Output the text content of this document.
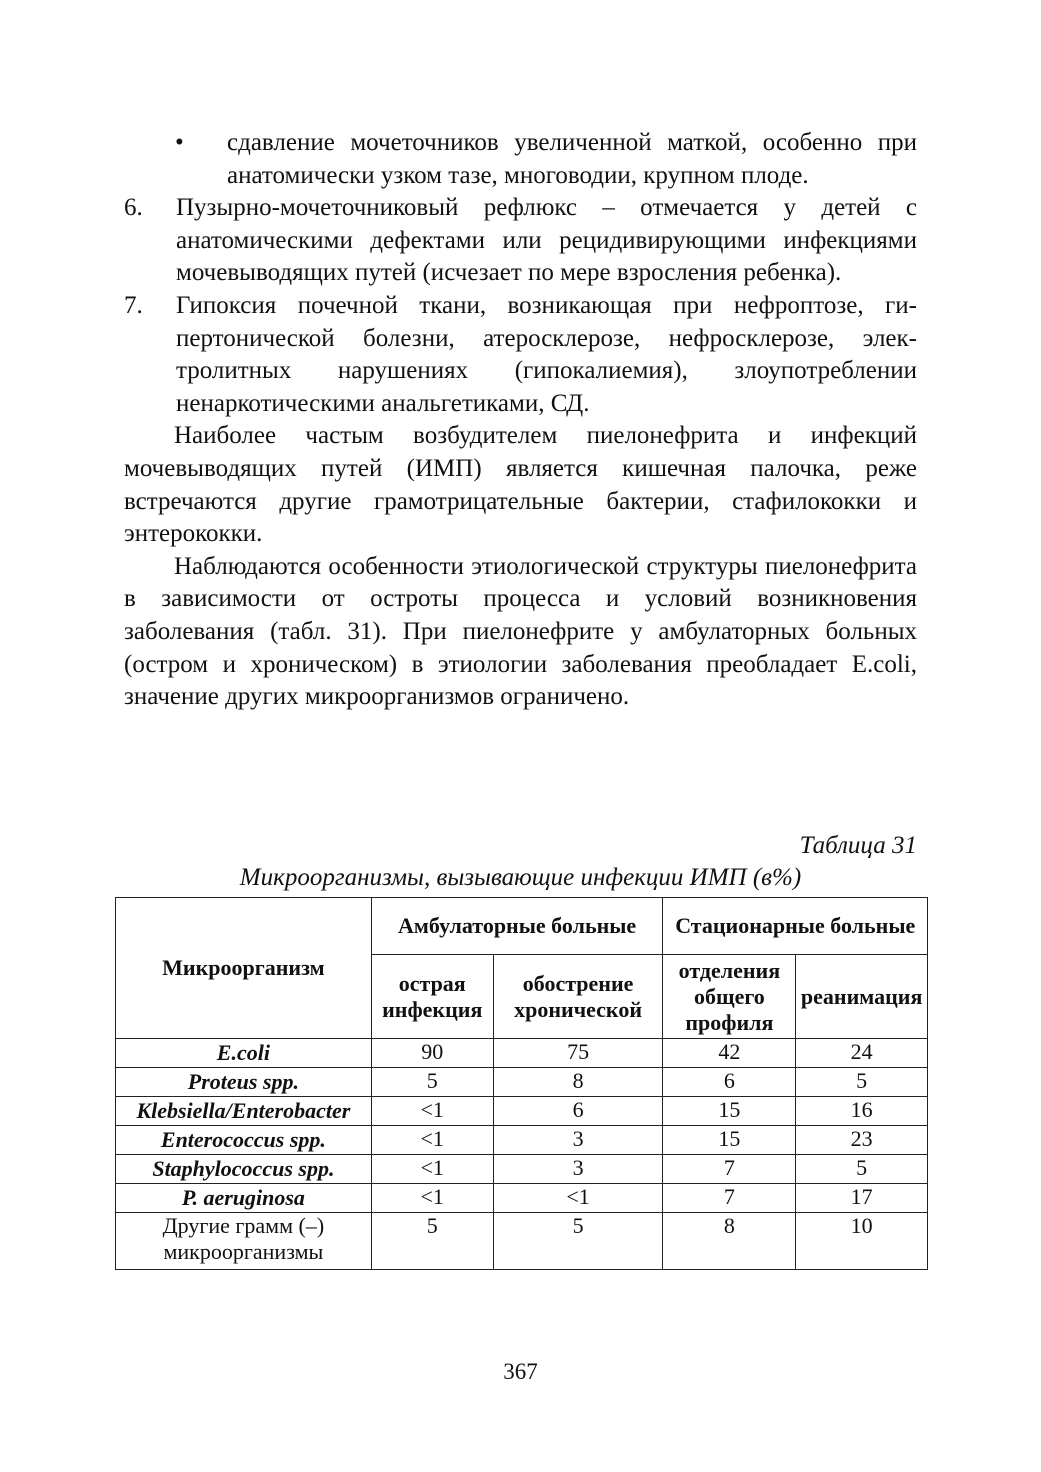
• сдавление мочеточников увеличенной маткой, особенно при анатомически узком тазе, многоводии, крупном плоде.

6. Пузырно-мочеточниковый рефлюкс – отмечается у детей с анатомическими дефектами или рецидивирующими инфекциями мочевыводящих путей (исчезает по мере взросления ребенка).

7. Гипоксия почечной ткани, возникающая при нефроптозе, гипертонической болезни, атеросклерозе, нефросклерозе, электролитных нарушениях (гипокалиемия), злоупотреблении ненаркотическими анальгетиками, СД.

Наиболее частым возбудителем пиелонефрита и инфекций мочевыводящих путей (ИМП) является кишечная палочка, реже встречаются другие грамотрицательные бактерии, стафилококки и энтерококки.

Наблюдаются особенности этиологической структуры пиелонефрита в зависимости от остроты процесса и условий возникновения заболевания (табл. 31). При пиелонефрите у амбулаторных больных (остром и хроническом) в этиологии заболевания преобладает E.coli, значение других микроорганизмов ограничено.

Таблица 31
Микроорганизмы, вызывающие инфекции ИМП (в%)
Микроорганизм	Амбулаторные больные		Стационарные больные	
	острая инфекция	обострение хронической	отделения общего профиля	реанимация
E.coli	90	75	42	24
Proteus spp.	5	8	6	5
Klebsiella/Enterobacter	<1	6	15	16
Enterococcus spp.	<1	3	15	23
Staphylococcus spp.	<1	3	7	5
P. aeruginosa	<1	<1	7	17
Другие грамм (–) микроорганизмы	5	5	8	10
367
